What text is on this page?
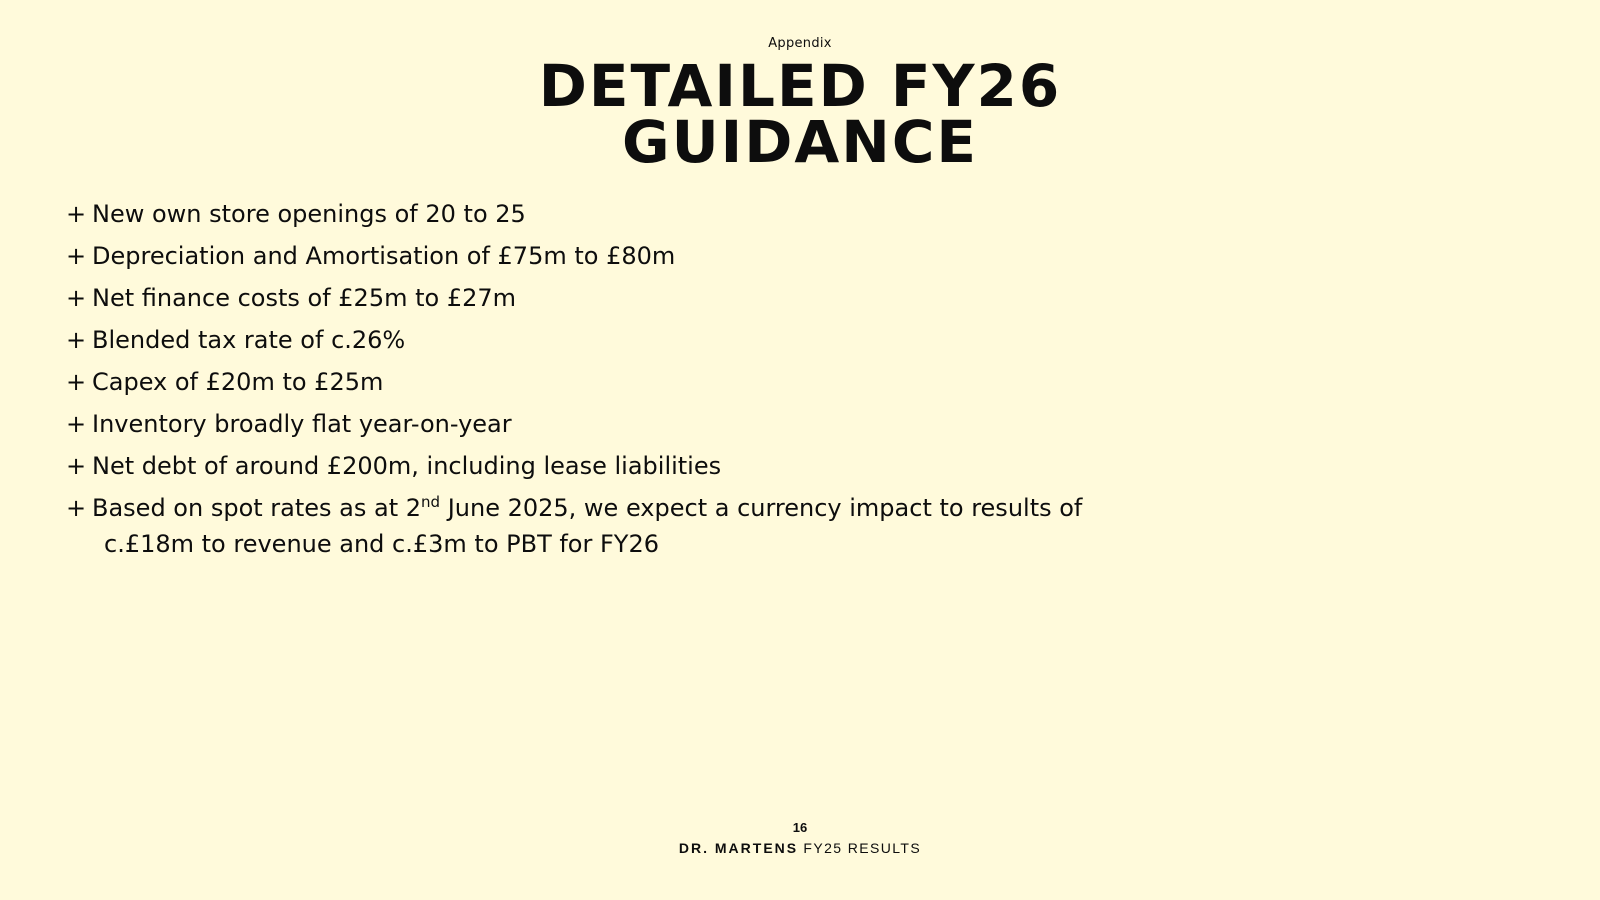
Appendix
DETAILED FY26
GUIDANCE
+ New own store openings of 20 to 25
+ Depreciation and Amortisation of £75m to £80m
+ Net finance costs of £25m to £27m
+ Blended tax rate of c.26%
+ Capex of £20m to £25m
+ Inventory broadly flat year-on-year
+ Net debt of around £200m, including lease liabilities
+ Based on spot rates as at 2nd June 2025, we expect a currency impact to results of
c.£18m to revenue and c.£3m to PBT for FY26
16
DR. MARTENS FY25 RESULTS
